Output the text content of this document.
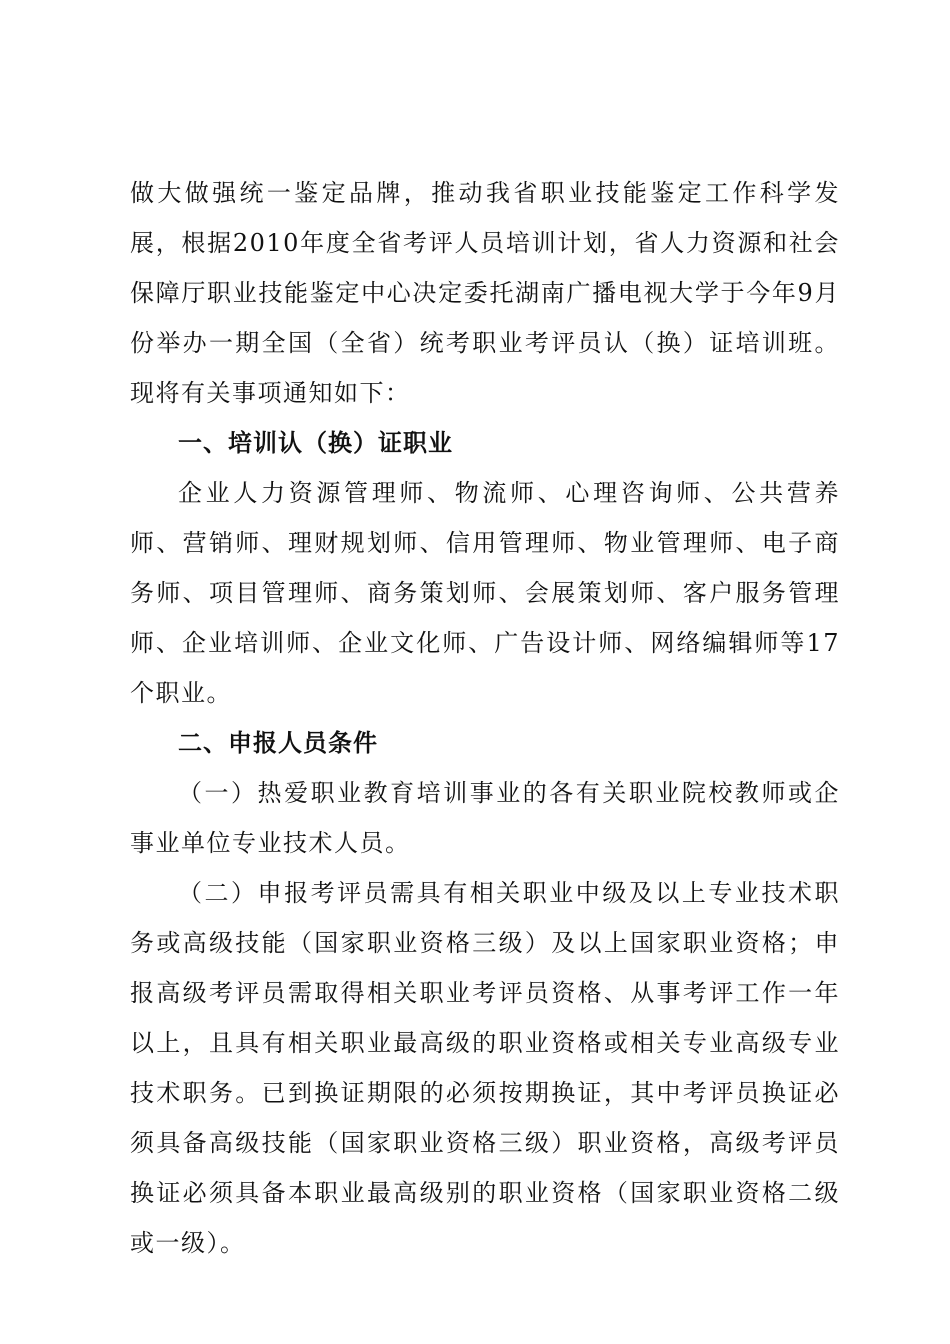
做大做强统一鉴定品牌，推动我省职业技能鉴定工作科学发展，根据2010年度全省考评人员培训计划，省人力资源和社会保障厅职业技能鉴定中心决定委托湖南广播电视大学于今年9月份举办一期全国（全省）统考职业考评员认（换）证培训班。现将有关事项通知如下：

一、培训认（换）证职业

企业人力资源管理师、物流师、心理咨询师、公共营养师、营销师、理财规划师、信用管理师、物业管理师、电子商务师、项目管理师、商务策划师、会展策划师、客户服务管理师、企业培训师、企业文化师、广告设计师、网络编辑师等17个职业。

二、申报人员条件

（一）热爱职业教育培训事业的各有关职业院校教师或企事业单位专业技术人员。

（二）申报考评员需具有相关职业中级及以上专业技术职务或高级技能（国家职业资格三级）及以上国家职业资格；申报高级考评员需取得相关职业考评员资格、从事考评工作一年以上，且具有相关职业最高级的职业资格或相关专业高级专业技术职务。已到换证期限的必须按期换证，其中考评员换证必须具备高级技能（国家职业资格三级）职业资格，高级考评员换证必须具备本职业最高级别的职业资格（国家职业资格二级或一级）。
